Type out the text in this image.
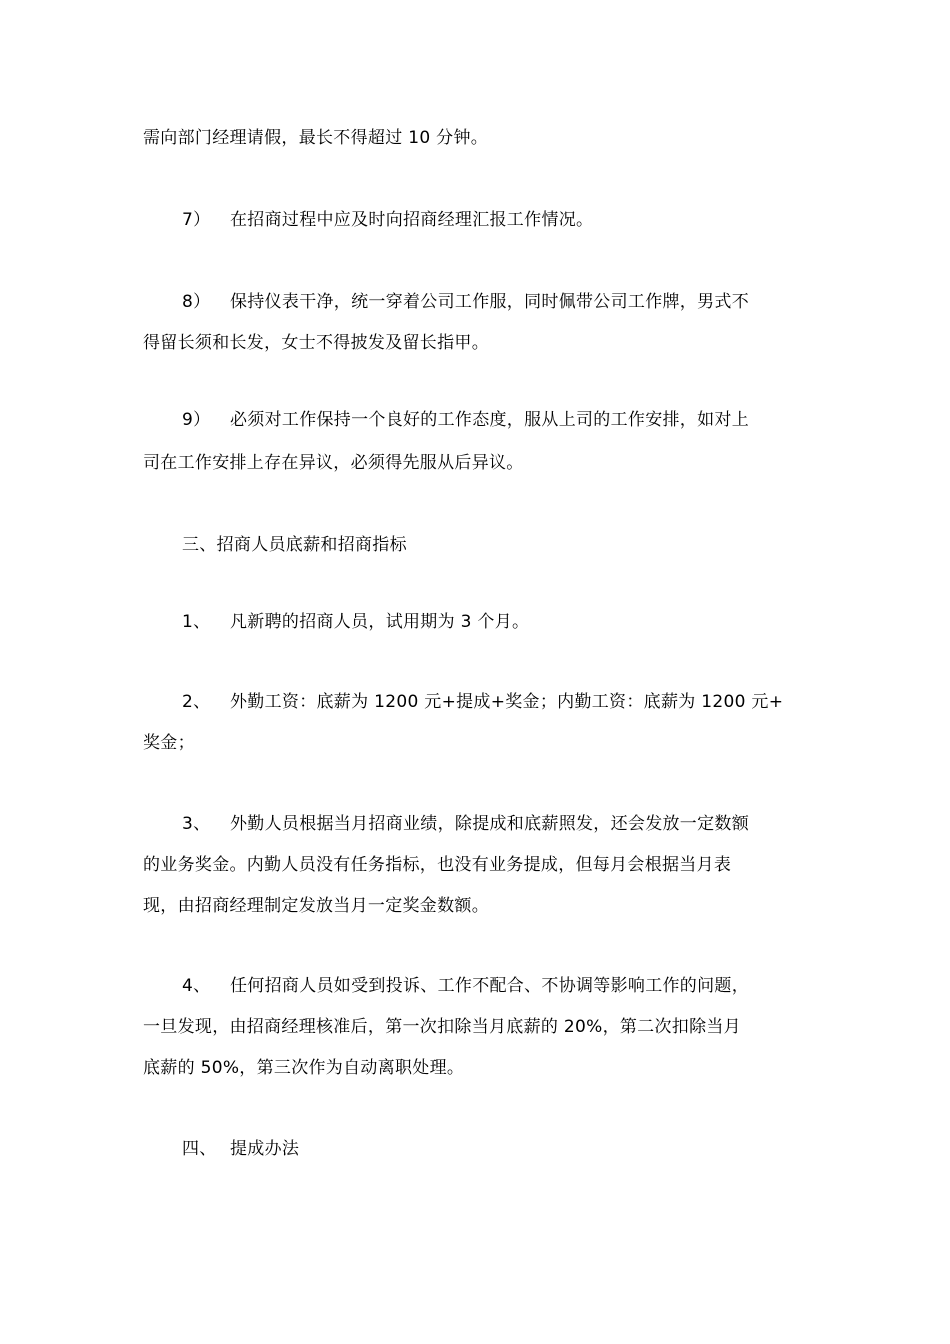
需向部门经理请假，最长不得超过 10 分钟。
7） 在招商过程中应及时向招商经理汇报工作情况。
8） 保持仪表干净，统一穿着公司工作服，同时佩带公司工作牌，男式不
得留长须和长发，女士不得披发及留长指甲。
9） 必须对工作保持一个良好的工作态度，服从上司的工作安排，如对上
司在工作安排上存在异议，必须得先服从后异议。
三、招商人员底薪和招商指标
1、 凡新聘的招商人员，试用期为 3 个月。
2、 外勤工资：底薪为 1200 元+提成+奖金；内勤工资：底薪为 1200 元+
奖金；
3、 外勤人员根据当月招商业绩，除提成和底薪照发，还会发放一定数额
的业务奖金。内勤人员没有任务指标，也没有业务提成，但每月会根据当月表
现，由招商经理制定发放当月一定奖金数额。
4、 任何招商人员如受到投诉、工作不配合、不协调等影响工作的问题，
一旦发现，由招商经理核准后，第一次扣除当月底薪的 20%，第二次扣除当月
底薪的 50%，第三次作为自动离职处理。
四、 提成办法
